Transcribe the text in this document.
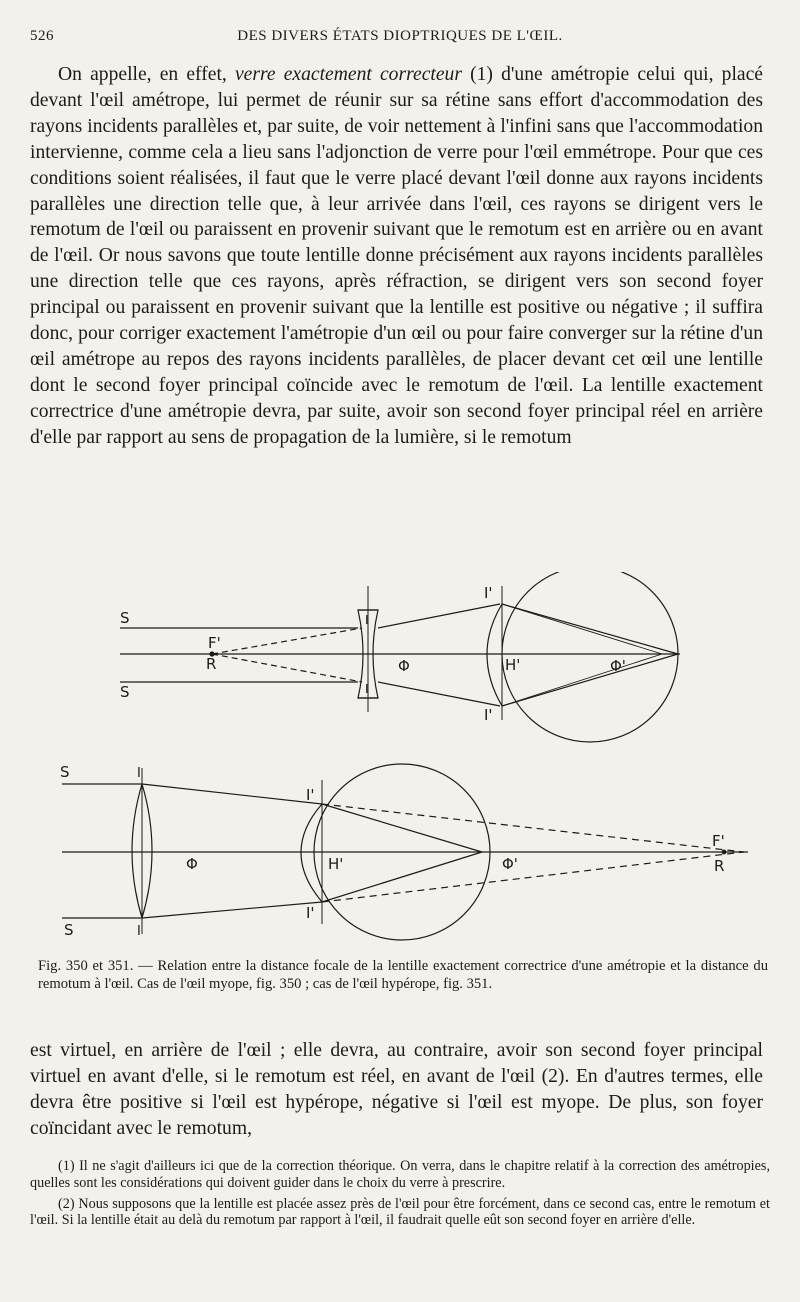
526	DES DIVERS ÉTATS DIOPTRIQUES DE L'ŒIL.

On appelle, en effet, verre exactement correcteur (1) d'une amétropie celui qui, placé devant l'œil amétrope, lui permet de réunir sur sa rétine sans effort d'accommodation des rayons incidents parallèles et, par suite, de voir nettement à l'infini sans que l'accommodation intervienne, comme cela a lieu sans l'adjonction de verre pour l'œil emmétrope. Pour que ces conditions soient réalisées, il faut que le verre placé devant l'œil donne aux rayons incidents parallèles une direction telle que, à leur arrivée dans l'œil, ces rayons se dirigent vers le remotum de l'œil ou paraissent en provenir suivant que le remotum est en arrière ou en avant de l'œil. Or nous savons que toute lentille donne précisément aux rayons incidents parallèles une direction telle que ces rayons, après réfraction, se dirigent vers son second foyer principal ou paraissent en provenir suivant que la lentille est positive ou négative ; il suffira donc, pour corriger exactement l'amétropie d'un œil ou pour faire converger sur la rétine d'un œil amétrope au repos des rayons incidents parallèles, de placer devant cet œil une lentille dont le second foyer principal coïncide avec le remotum de l'œil. La lentille exactement correctrice d'une amétropie devra, par suite, avoir son second foyer principal réel en arrière d'elle par rapport au sens de propagation de la lumière, si le remotum

S
S
F'
R
I
I
Φ
I'
I'
H'	Φ'
S
S
I
I
Φ
I'
I'
H'	Φ'
F'
R

Fig. 350 et 351. — Relation entre la distance focale de la lentille exactement correctrice d'une amétropie et la distance du remotum à l'œil. Cas de l'œil myope, fig. 350 ; cas de l'œil hypérope, fig. 351.

est virtuel, en arrière de l'œil ; elle devra, au contraire, avoir son second foyer principal virtuel en avant d'elle, si le remotum est réel, en avant de l'œil (2). En d'autres termes, elle devra être positive si l'œil est hypérope, négative si l'œil est myope. De plus, son foyer coïncidant avec le remotum,

(1) Il ne s'agit d'ailleurs ici que de la correction théorique. On verra, dans le chapitre relatif à la correction des amétropies, quelles sont les considérations qui doivent guider dans le choix du verre à prescrire.

(2) Nous supposons que la lentille est placée assez près de l'œil pour être forcément, dans ce second cas, entre le remotum et l'œil. Si la lentille était au delà du remotum par rapport à l'œil, il faudrait quelle eût son second foyer en arrière d'elle.
